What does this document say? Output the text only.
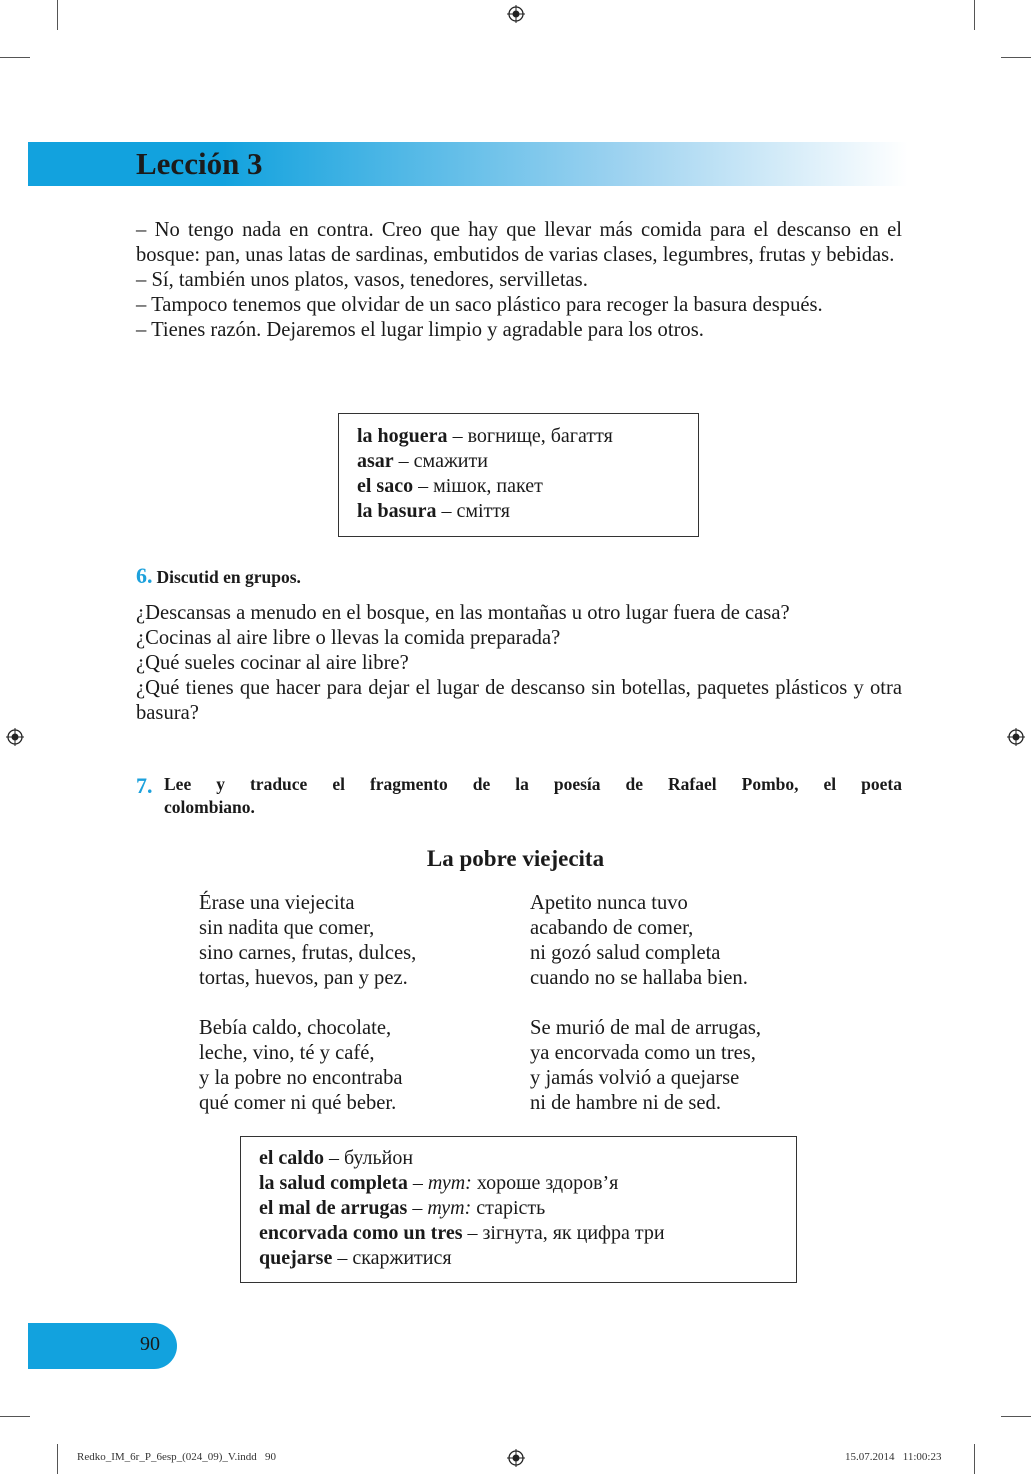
Lección 3

– No tengo nada en contra. Creo que hay que llevar más comida para el descanso en el bosque: pan, unas latas de sardinas, embutidos de varias clases, legumbres, frutas y bebidas.

– Sí, también unos platos, vasos, tenedores, servilletas.

– Tampoco tenemos que olvidar de un saco plástico para recoger la basura después.

– Tienes razón. Dejaremos el lugar limpio y agradable para los otros.

la hoguera – вогнище, багаття
asar – смажити
el saco – мішок, пакет
la basura – сміття
6. Discutid en grupos.

¿Descansas a menudo en el bosque, en las montañas u otro lugar fuera de casa?

¿Cocinas al aire libre o llevas la comida preparada?

¿Qué sueles cocinar al aire libre?

¿Qué tienes que hacer para dejar el lugar de descanso sin botellas, paquetes plásticos y otra basura?

7. Lee y traduce el fragmento de la poesía de Rafael Pombo, el poeta
colombiano.
La pobre viejecita
Érase una viejecita
sin nadita que comer,
sino carnes, frutas, dulces,
tortas, huevos, pan y pez.
Bebía caldo, chocolate,
leche, vino, té y café,
y la pobre no encontraba
qué comer ni qué beber.
Apetito nunca tuvo
acabando de comer,
ni gozó salud completa
cuando no se hallaba bien.
Se murió de mal de arrugas,
ya encorvada como un tres,
y jamás volvió a quejarse
ni de hambre ni de sed.
el caldo – бульйон
la salud completa – тут: хороше здоров’я
el mal de arrugas – тут: старість
encorvada como un tres – зігнута, як цифра три
quejarse – скаржитися
90
Redko_IM_6r_P_6esp_(024_09)_V.indd   90	15.07.2014   11:00:23
